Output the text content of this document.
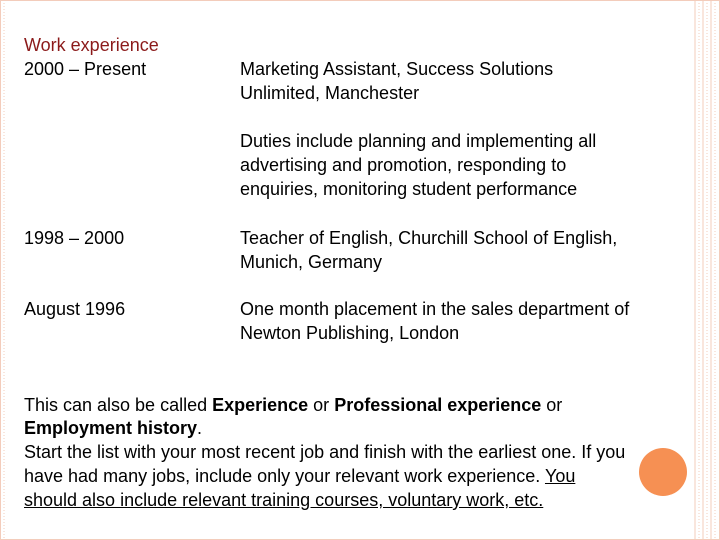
Work experience
2000 – Present	Marketing Assistant, Success Solutions
Unlimited, Manchester
Duties include planning and implementing all
advertising and promotion, responding to
enquiries, monitoring student performance
1998 – 2000	Teacher of English, Churchill School of English,
Munich, Germany
August 1996	One month placement in the sales department of
Newton Publishing, London
This can also be called Experience or Professional experience or
Employment history.
Start the list with your most recent job and finish with the earliest one. If you
have had many jobs, include only your relevant work experience. You
should also include relevant training courses, voluntary work, etc.
